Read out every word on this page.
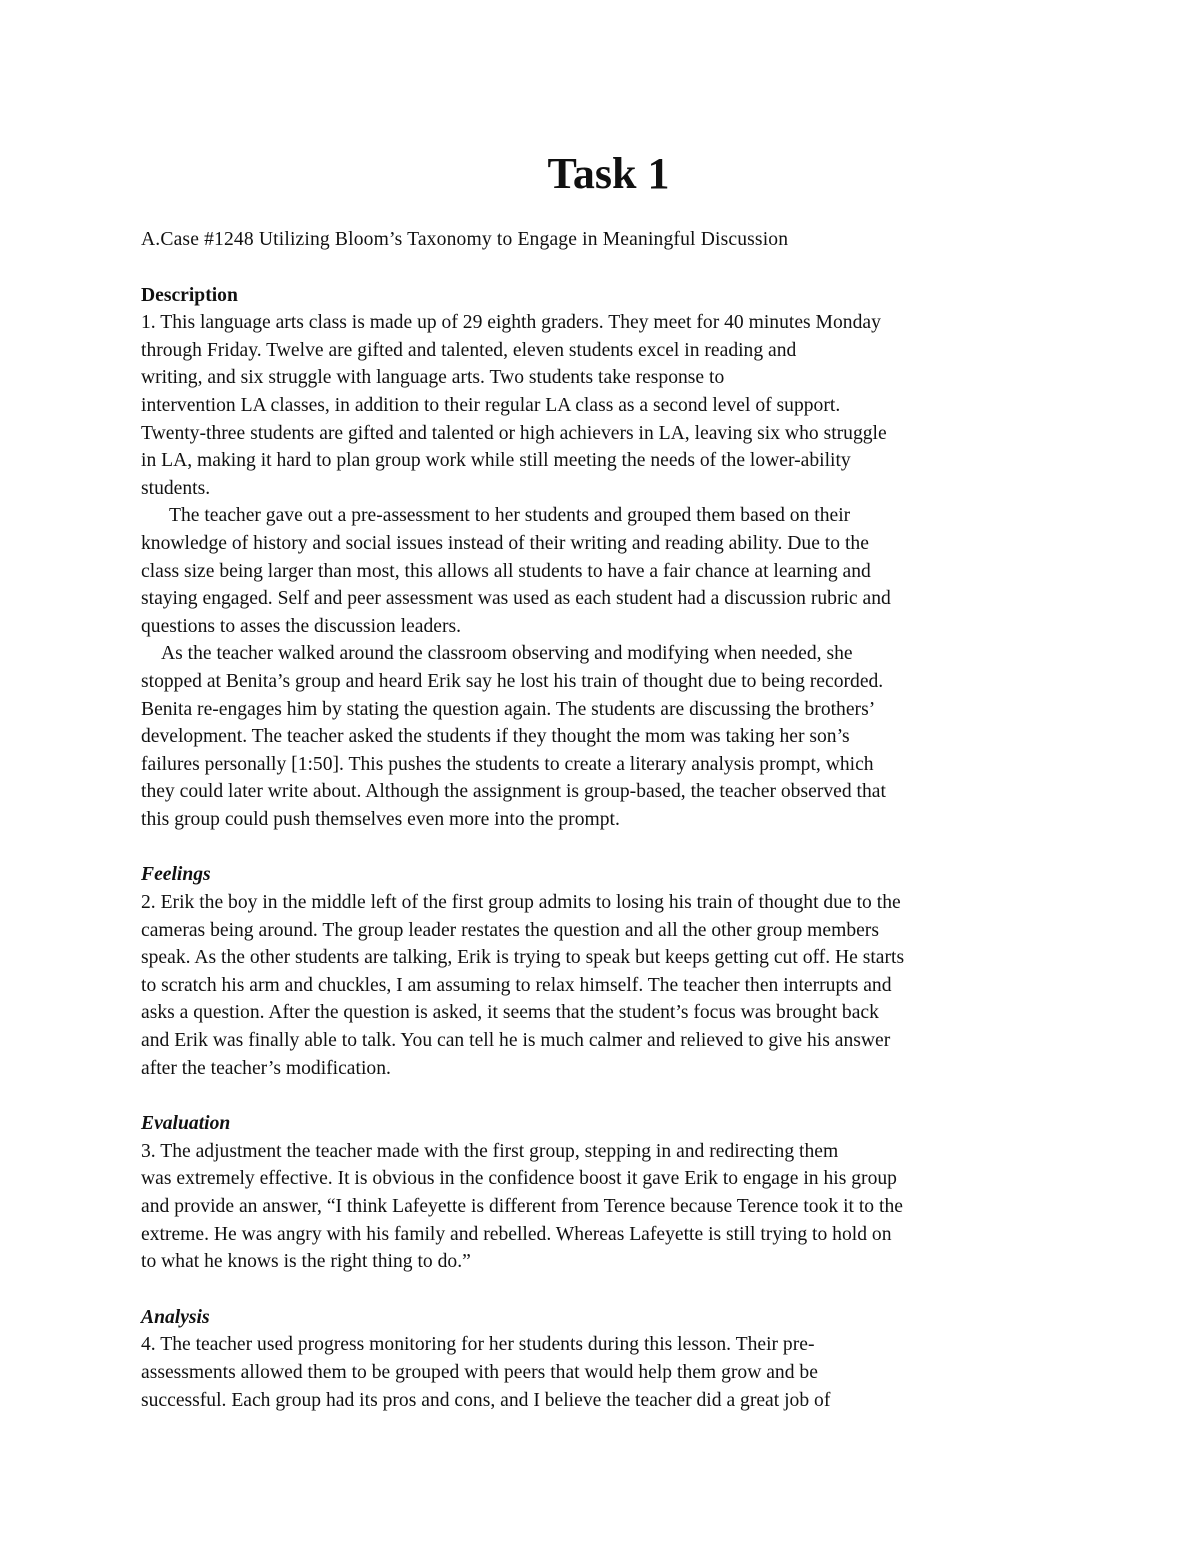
Task 1
A.Case #1248 Utilizing Bloom’s Taxonomy to Engage in Meaningful Discussion
Description
1. This language arts class is made up of 29 eighth graders. They meet for 40 minutes Monday
through Friday. Twelve are gifted and talented, eleven students excel in reading and
writing, and six struggle with language arts. Two students take response to
intervention LA classes, in addition to their regular LA class as a second level of support.
Twenty-three students are gifted and talented or high achievers in LA, leaving six who struggle
in LA, making it hard to plan group work while still meeting the needs of the lower-ability
students.
The teacher gave out a pre-assessment to her students and grouped them based on their
knowledge of history and social issues instead of their writing and reading ability. Due to the
class size being larger than most, this allows all students to have a fair chance at learning and
staying engaged. Self and peer assessment was used as each student had a discussion rubric and
questions to asses the discussion leaders.
As the teacher walked around the classroom observing and modifying when needed, she
stopped at Benita’s group and heard Erik say he lost his train of thought due to being recorded.
Benita re-engages him by stating the question again. The students are discussing the brothers’
development. The teacher asked the students if they thought the mom was taking her son’s
failures personally [1:50]. This pushes the students to create a literary analysis prompt, which
they could later write about. Although the assignment is group-based, the teacher observed that
this group could push themselves even more into the prompt.
Feelings
2. Erik the boy in the middle left of the first group admits to losing his train of thought due to the
cameras being around. The group leader restates the question and all the other group members
speak. As the other students are talking, Erik is trying to speak but keeps getting cut off. He starts
to scratch his arm and chuckles, I am assuming to relax himself. The teacher then interrupts and
asks a question. After the question is asked, it seems that the student’s focus was brought back
and Erik was finally able to talk. You can tell he is much calmer and relieved to give his answer
after the teacher’s modification.
Evaluation
3. The adjustment the teacher made with the first group, stepping in and redirecting them
was extremely effective. It is obvious in the confidence boost it gave Erik to engage in his group
and provide an answer, “I think Lafeyette is different from Terence because Terence took it to the
extreme. He was angry with his family and rebelled. Whereas Lafeyette is still trying to hold on
to what he knows is the right thing to do.”
Analysis
4. The teacher used progress monitoring for her students during this lesson. Their pre-
assessments allowed them to be grouped with peers that would help them grow and be
successful. Each group had its pros and cons, and I believe the teacher did a great job of
